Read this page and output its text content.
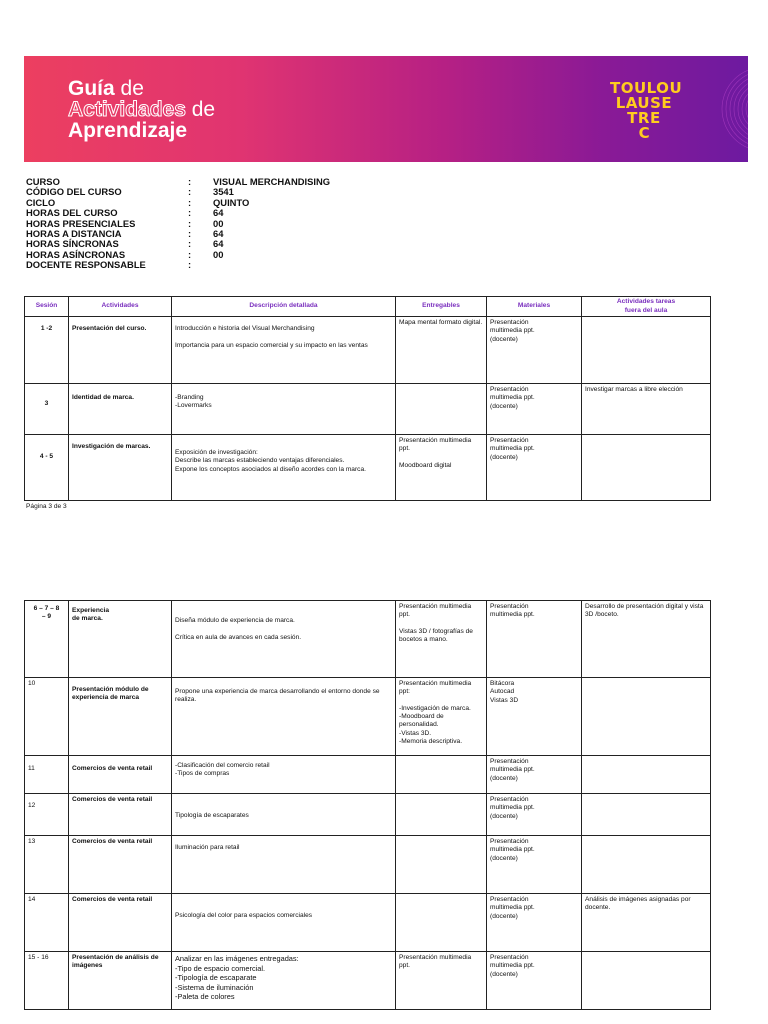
Guía de
Actividades de
Aprendizaje
TOULOU
LAUSE
TRE
C
CURSO	:	VISUAL MERCHANDISING
CÓDIGO DEL CURSO	:	3541
CICLO	:	QUINTO
HORAS DEL CURSO	:	64
HORAS PRESENCIALES	:	00
HORAS A DISTANCIA	:	64
HORAS SÍNCRONAS	:	64
HORAS ASÍNCRONAS	:	00
DOCENTE RESPONSABLE	:
Sesión	Actividades	Descripción detallada	Entregables	Materiales	Actividades tareas
fuera del aula

1 -2	Presentación del curso.	Introducción e historia del Visual Merchandising

Importancia para un espacio comercial y su impacto en las ventas	Mapa mental formato digital.	Presentación
multimedia ppt.
(docente)	

3	Identidad de marca.	-Branding
-Lovermarks		Presentación
multimedia ppt.
(docente)	Investigar marcas a libre elección

4 - 5	Investigación de marcas.	Exposición de investigación:
Describe las marcas estableciendo ventajas diferenciales.
Expone los conceptos asociados al diseño acordes con la marca.	Presentación multimedia ppt.

Moodboard digital	Presentación
multimedia ppt.
(docente)	
Página 3 de 3
6 – 7 – 8
– 9	Experiencia
de marca.	Diseña módulo de experiencia de marca.

Crítica en aula de avances en cada sesión.	Presentación multimedia ppt.

Vistas 3D / fotografías de bocetos a mano.	Presentación
multimedia ppt.	Desarrollo de presentación digital y vista 3D /boceto.
10	Presentación módulo de experiencia de marca	Propone una experiencia de marca desarrollando el entorno donde se realiza.	Presentación multimedia ppt:

-Investigación de marca.
-Moodboard de personalidad.
-Vistas 3D.
-Memoria descriptiva.	Bitácora
Autocad
Vistas 3D	

11	Comercios de venta retail	-Clasificación del comercio retail
-Tipos de compras		Presentación
multimedia ppt.
(docente)	

12	Comercios de venta retail	Tipología de escaparates		Presentación
multimedia ppt.
(docente)	
13	Comercios de venta retail	Iluminación para retail		Presentación
multimedia ppt.
(docente)	
14	Comercios de venta retail	Psicología del color para espacios comerciales		Presentación
multimedia ppt.
(docente)	Análisis de imágenes asignadas por docente.
15 - 16	Presentación de análisis de imágenes	Analizar en las imágenes entregadas:
-Tipo de espacio comercial.
-Tipología de escaparate
-Sistema de iluminación
-Paleta de colores	Presentación multimedia ppt.	Presentación
multimedia ppt.
(docente)	
